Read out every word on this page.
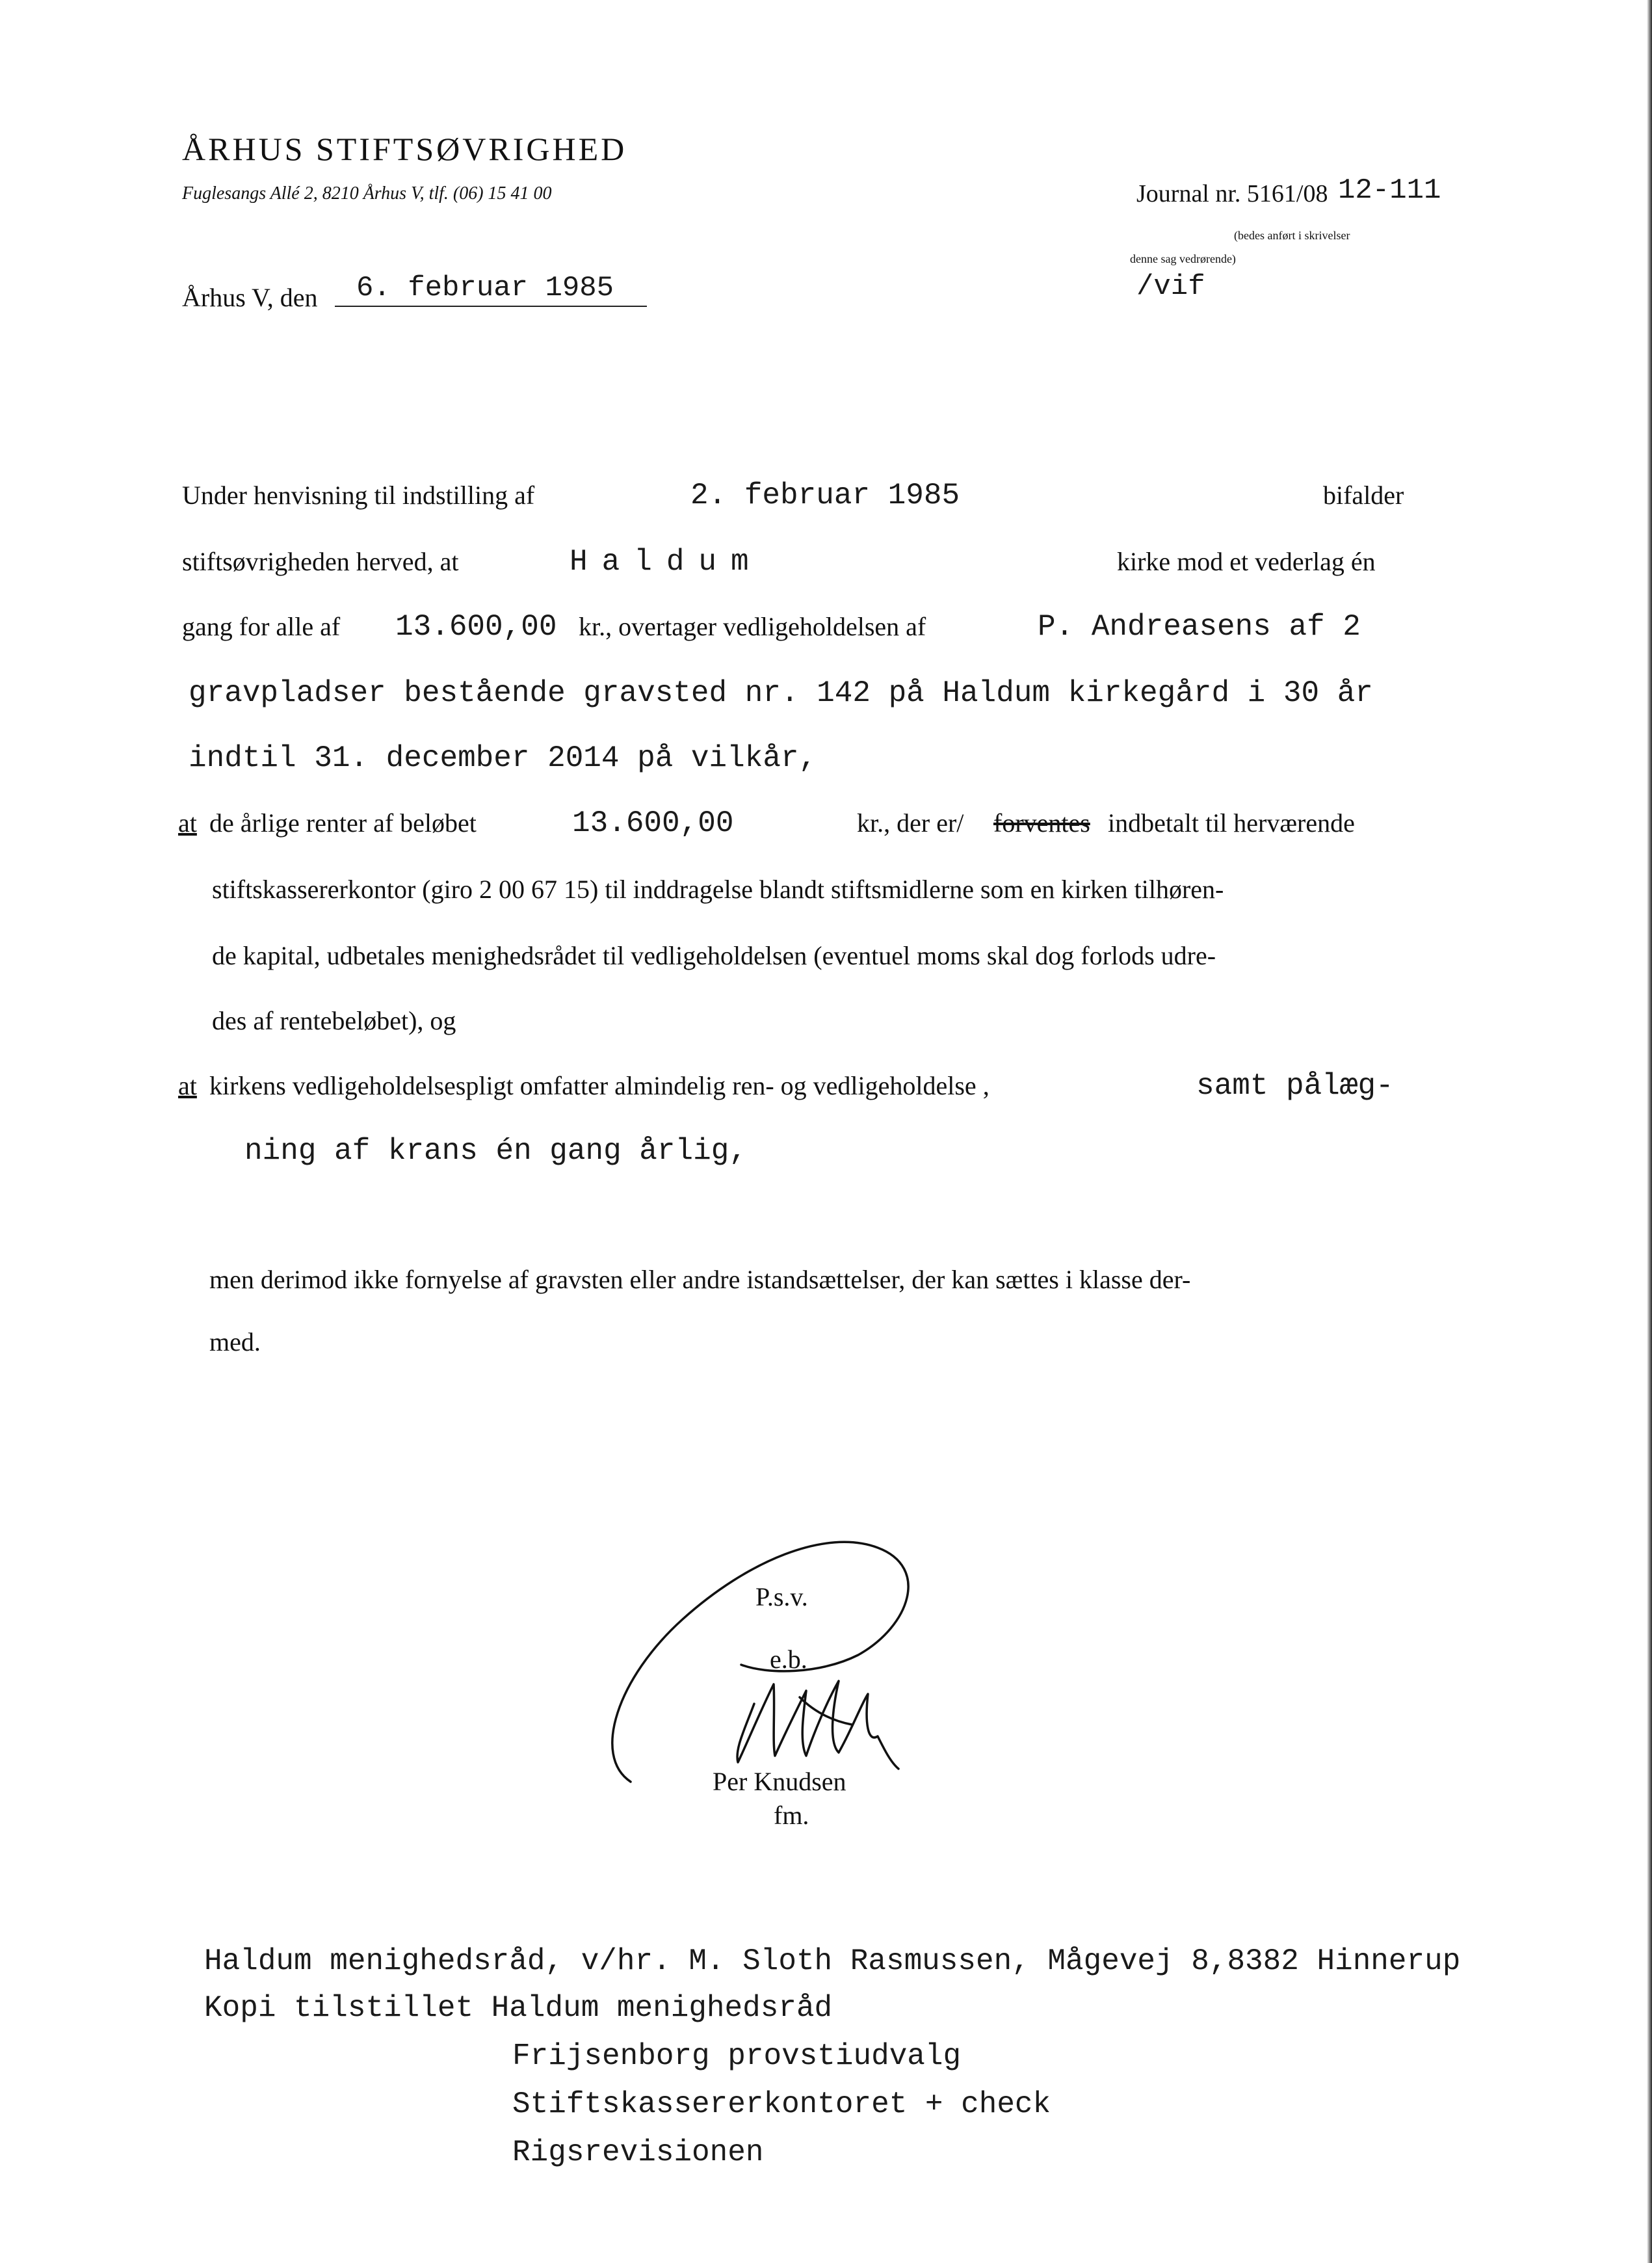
ÅRHUS STIFTSØVRIGHED
Fuglesangs Allé 2, 8210 Århus V, tlf. (06) 15 41 00	Journal nr. 5161/08 12-111
(bedes anført i skrivelser
denne sag vedrørende)
/vif
Århus V, den 6. februar 1985
Under henvisning til indstilling af	2. februar 1985	bifalder
stiftsøvrigheden herved, at	Haldum	kirke mod et vederlag én
gang for alle af 13.600,00 kr., overtager vedligeholdelsen af	P. Andreasens af 2
gravpladser bestående gravsted nr. 142 på Haldum kirkegård i 30 år
indtil 31. december 2014 på vilkår,
at de årlige renter af beløbet	13.600,00	kr., der er/ forventes indbetalt til herværende
stiftskassererkontor (giro 2 00 67 15) til inddragelse blandt stiftsmidlerne som en kirken tilhøren-
de kapital, udbetales menighedsrådet til vedligeholdelsen (eventuel moms skal dog forlods udre-
des af rentebeløbet), og
at kirkens vedligeholdelsespligt omfatter almindelig ren- og vedligeholdelse ,	samt pålæg-
ning af krans én gang årlig,
men derimod ikke fornyelse af gravsten eller andre istandsættelser, der kan sættes i klasse der-
med.
P.s.v.
e.b.
Per Knudsen
fm.
Haldum menighedsråd, v/hr. M. Sloth Rasmussen, Mågevej 8,8382 Hinnerup
Kopi tilstillet Haldum menighedsråd
Frijsenborg provstiudvalg
Stiftskassererkontoret + check
Rigsrevisionen
